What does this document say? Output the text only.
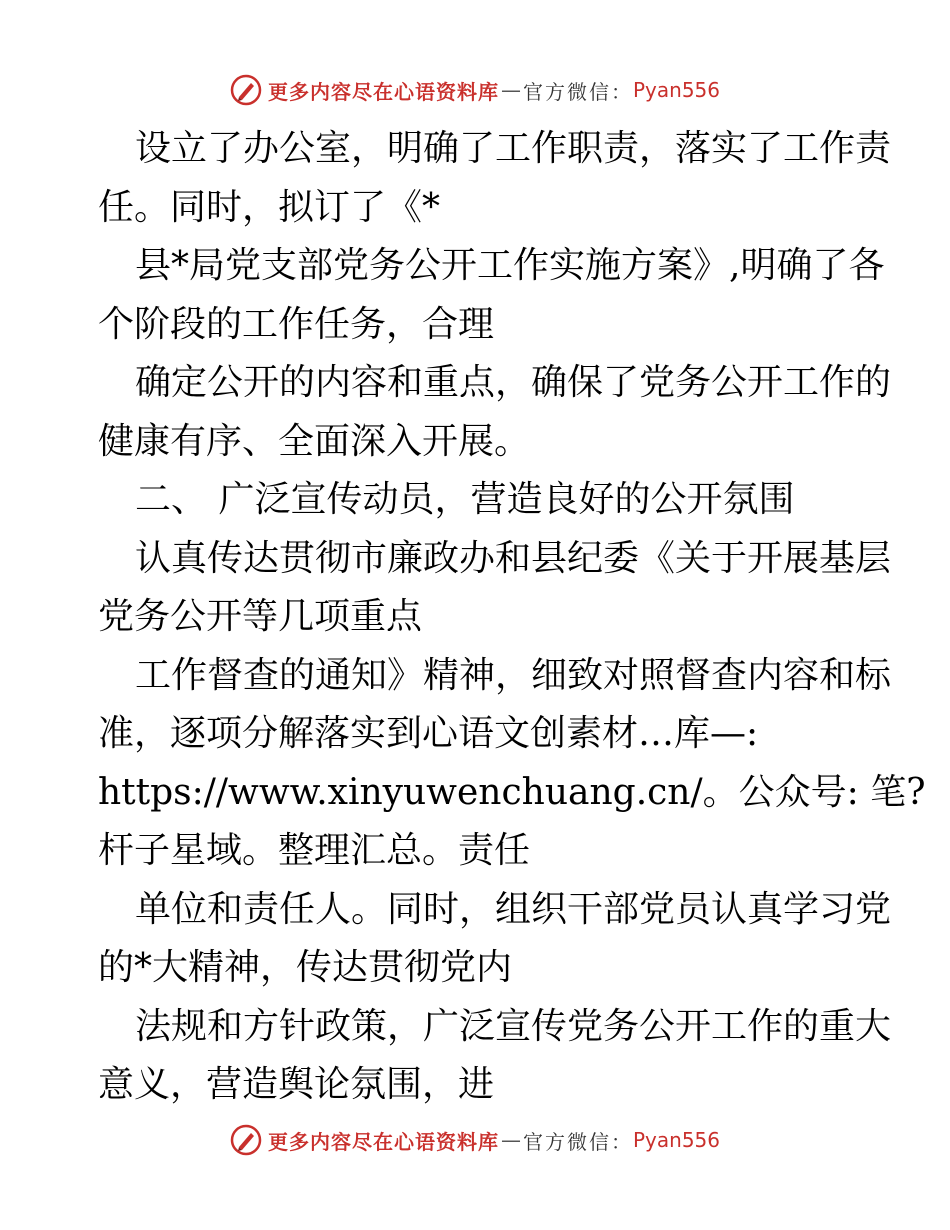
更多内容尽在心语资料库 — 官方微信： Pyan556
设立了办公室，明确了工作职责，落实了工作责
任。同时，拟订了《*
县*局党支部党务公开工作实施方案》,明确了各
个阶段的工作任务，合理
确定公开的内容和重点，确保了党务公开工作的
健康有序、全面深入开展。
二、 广泛宣传动员，营造良好的公开氛围
认真传达贯彻市廉政办和县纪委《关于开展基层
党务公开等几项重点
工作督查的通知》精神，细致对照督查内容和标
准，逐项分解落实到心语文创素材…库—:
https://www.xinyuwenchuang.cn/。公众号: 笔?
杆子星域。整理汇总。责任
单位和责任人。同时，组织干部党员认真学习党
的*大精神，传达贯彻党内
法规和方针政策，广泛宣传党务公开工作的重大
意义，营造舆论氛围，进
更多内容尽在心语资料库 — 官方微信： Pyan556
